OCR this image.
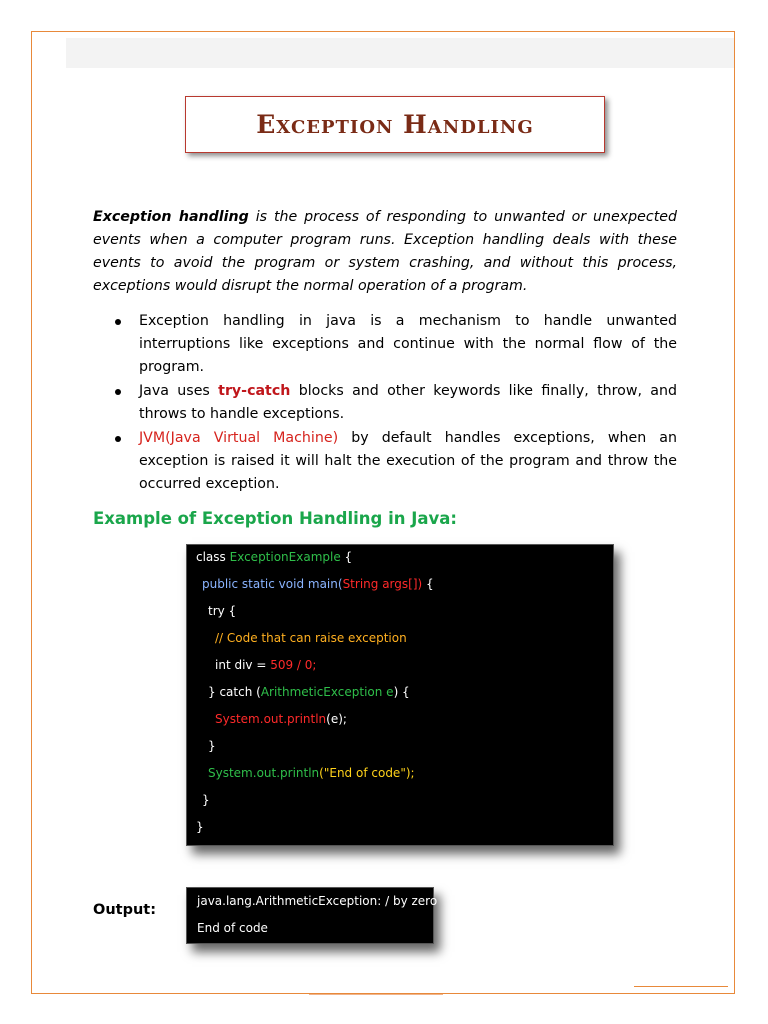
Exception Handling

Exception handling is the process of responding to unwanted or unexpected events when a computer program runs. Exception handling deals with these events to avoid the program or system crashing, and without this process, exceptions would disrupt the normal operation of a program.

Exception handling in java is a mechanism to handle unwanted interruptions like exceptions and continue with the normal flow of the program.
Java uses try-catch blocks and other keywords like finally, throw, and throws to handle exceptions.
JVM(Java Virtual Machine) by default handles exceptions, when an exception is raised it will halt the execution of the program and throw the occurred exception.
Example of Exception Handling in Java:
class ExceptionExample {
public static void main(String args[]) {
try {
// Code that can raise exception
int div = 509 / 0;
} catch (ArithmeticException e) {
System.out.println(e);
}
System.out.println("End of code");
}
}
Output:
java.lang.ArithmeticException: / by zero
End of code
